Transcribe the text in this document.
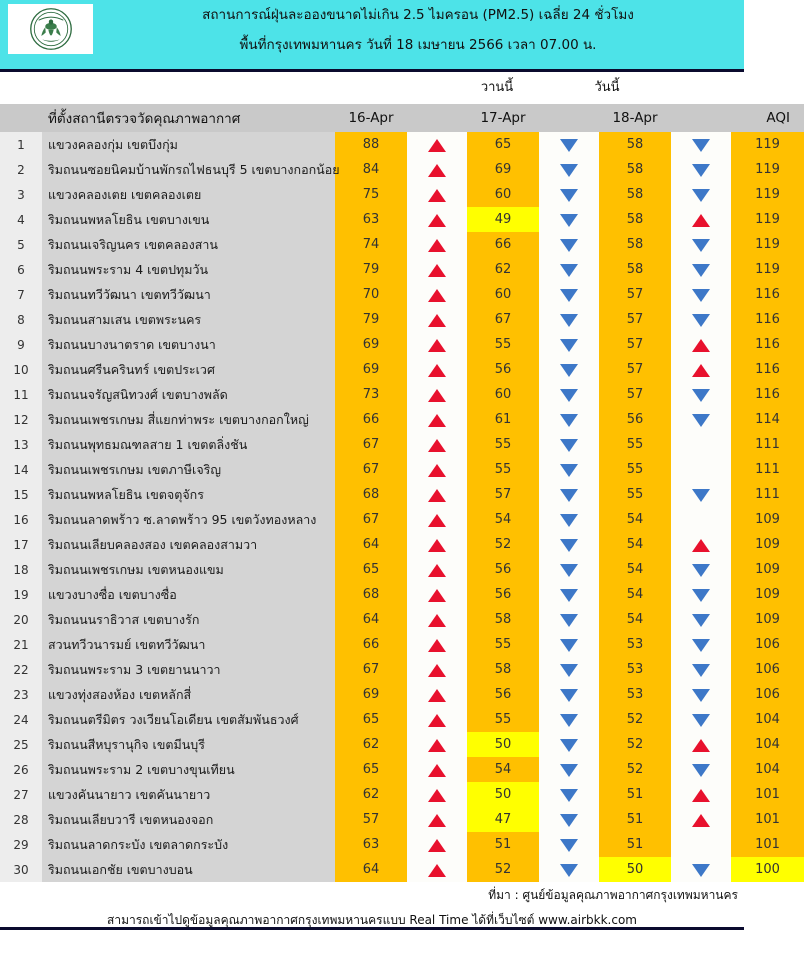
สถานการณ์ฝุ่นละอองขนาดไม่เกิน 2.5 ไมครอน (PM2.5) เฉลี่ย 24 ชั่วโมง
พื้นที่กรุงเทพมหานคร วันที่ 18 เมษายน 2566 เวลา 07.00 น.
วานนี้	วันนี้
	ที่ตั้งสถานีตรวจวัดคุณภาพอากาศ	16-Apr		17-Apr		18-Apr		AQI
1	แขวงคลองกุ่ม เขตบึงกุ่ม	88		65		58		119
2	ริมถนนซอยนิคมบ้านพักรถไฟธนบุรี 5 เขตบางกอกน้อย	84		69		58		119
3	แขวงคลองเตย เขตคลองเตย	75		60		58		119
4	ริมถนนพหลโยธิน เขตบางเขน	63		49		58		119
5	ริมถนนเจริญนคร เขตคลองสาน	74		66		58		119
6	ริมถนนพระราม 4 เขตปทุมวัน	79		62		58		119
7	ริมถนนทวีวัฒนา เขตทวีวัฒนา	70		60		57		116
8	ริมถนนสามเสน เขตพระนคร	79		67		57		116
9	ริมถนนบางนาตราด เขตบางนา	69		55		57		116
10	ริมถนนศรีนครินทร์ เขตประเวศ	69		56		57		116
11	ริมถนนจรัญสนิทวงศ์ เขตบางพลัด	73		60		57		116
12	ริมถนนเพชรเกษม สี่แยกท่าพระ เขตบางกอกใหญ่	66		61		56		114
13	ริมถนนพุทธมณฑลสาย 1 เขตตลิ่งชัน	67		55		55		111
14	ริมถนนเพชรเกษม เขตภาษีเจริญ	67		55		55		111
15	ริมถนนพหลโยธิน เขตจตุจักร	68		57		55		111
16	ริมถนนลาดพร้าว ซ.ลาดพร้าว 95 เขตวังทองหลาง	67		54		54		109
17	ริมถนนเลียบคลองสอง เขตคลองสามวา	64		52		54		109
18	ริมถนนเพชรเกษม เขตหนองแขม	65		56		54		109
19	แขวงบางซื่อ เขตบางซื่อ	68		56		54		109
20	ริมถนนนราธิวาส เขตบางรัก	64		58		54		109
21	สวนทวีวนารมย์ เขตทวีวัฒนา	66		55		53		106
22	ริมถนนพระราม 3 เขตยานนาวา	67		58		53		106
23	แขวงทุ่งสองห้อง เขตหลักสี่	69		56		53		106
24	ริมถนนตรีมิตร วงเวียนโอเดียน เขตสัมพันธวงศ์	65		55		52		104
25	ริมถนนสีหบุรานุกิจ เขตมีนบุรี	62		50		52		104
26	ริมถนนพระราม 2 เขตบางขุนเทียน	65		54		52		104
27	แขวงคันนายาว เขตคันนายาว	62		50		51		101
28	ริมถนนเลียบวารี เขตหนองจอก	57		47		51		101
29	ริมถนนลาดกระบัง เขตลาดกระบัง	63		51		51		101
30	ริมถนนเอกชัย เขตบางบอน	64		52		50		100
ที่มา : ศูนย์ข้อมูลคุณภาพอากาศกรุงเทพมหานคร
สามารถเข้าไปดูข้อมูลคุณภาพอากาศกรุงเทพมหานครแบบ Real Time ได้ที่เว็บไซต์ www.airbkk.com
